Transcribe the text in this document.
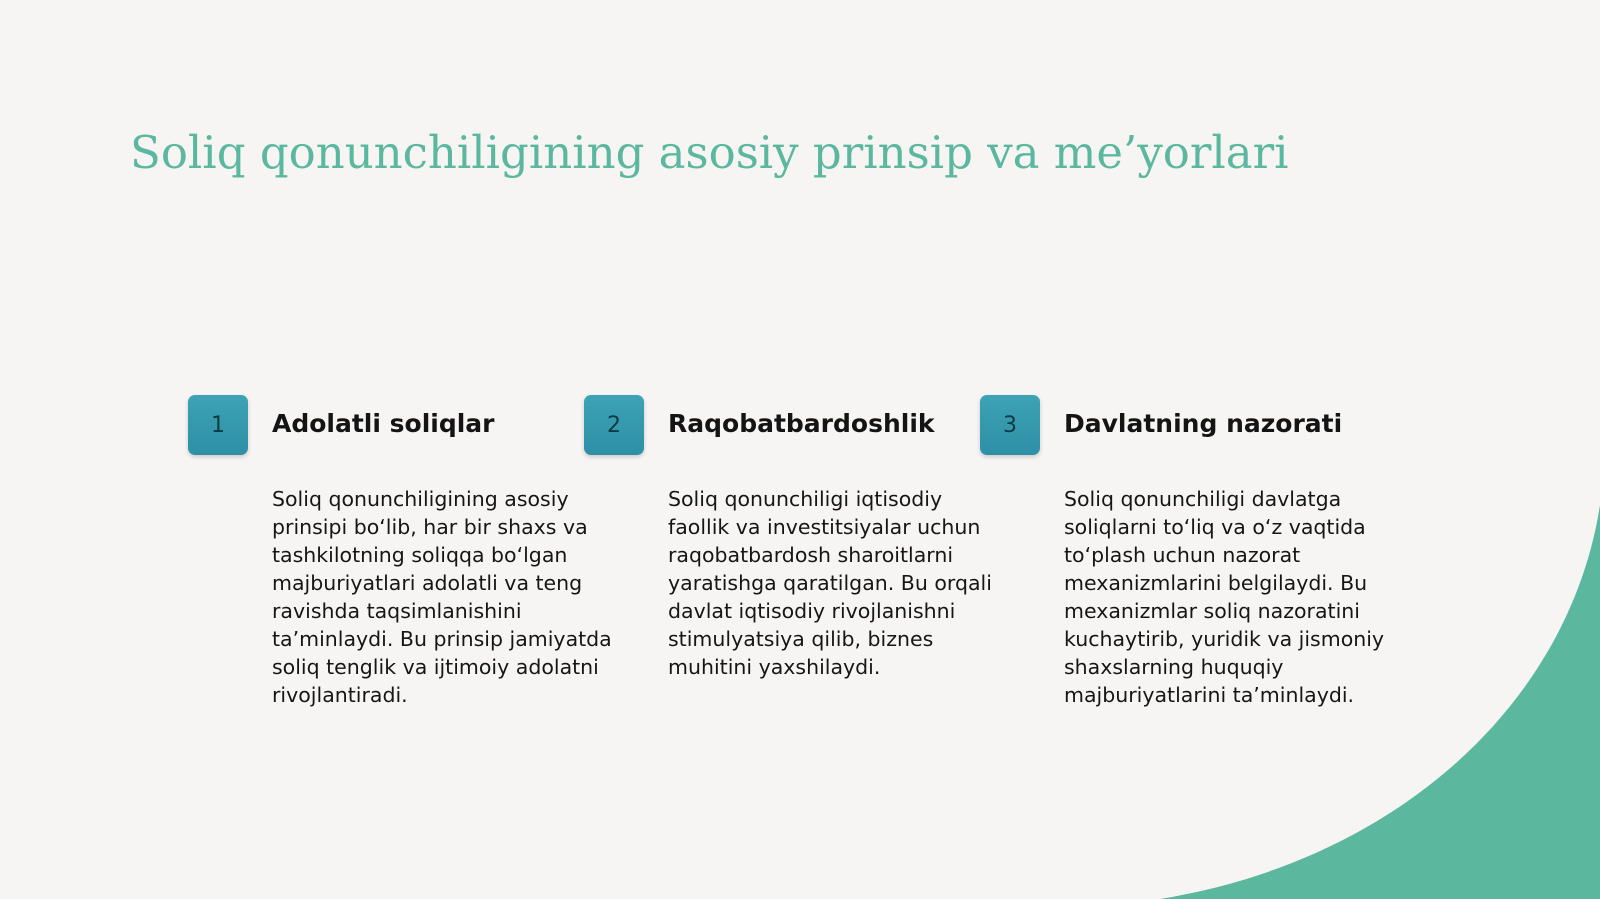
Soliq qonunchiligining asosiy prinsip va me’yorlari
1	Adolatli soliqlar

Soliq qonunchiligining asosiy prinsipi bo‘lib, har bir shaxs va tashkilotning soliqqa bo‘lgan majburiyatlari adolatli va teng ravishda taqsimlanishini ta’minlaydi. Bu prinsip jamiyatda soliq tenglik va ijtimoiy adolatni rivojlantiradi.

2	Raqobatbardoshlik

Soliq qonunchiligi iqtisodiy faollik va investitsiyalar uchun raqobatbardosh sharoitlarni yaratishga qaratilgan. Bu orqali davlat iqtisodiy rivojlanishni stimulyatsiya qilib, biznes muhitini yaxshilaydi.

3	Davlatning nazorati

Soliq qonunchiligi davlatga soliqlarni to‘liq va o‘z vaqtida to‘plash uchun nazorat mexanizmlarini belgilaydi. Bu mexanizmlar soliq nazoratini kuchaytirib, yuridik va jismoniy shaxslarning huquqiy majburiyatlarini ta’minlaydi.
